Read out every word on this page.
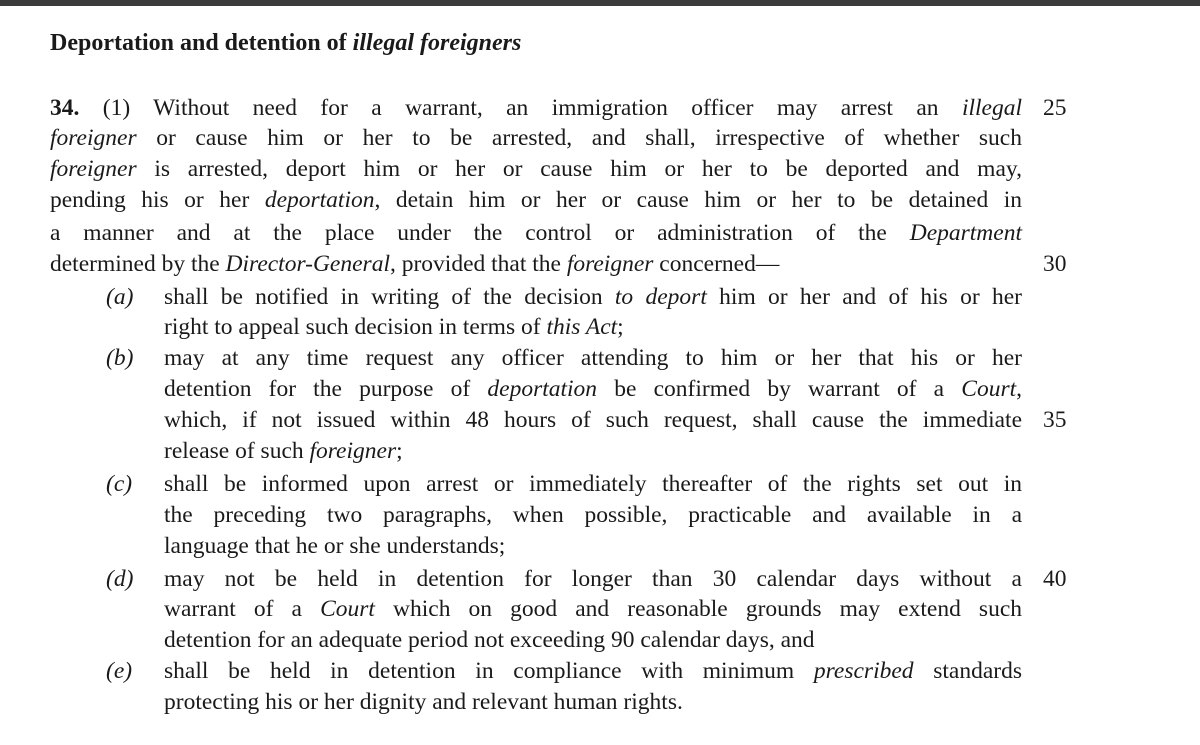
Deportation and detention of illegal foreigners
34. (1) Without need for a warrant, an immigration officer may arrest an illegal
foreigner or cause him or her to be arrested, and shall, irrespective of whether such
foreigner is arrested, deport him or her or cause him or her to be deported and may,
pending his or her deportation, detain him or her or cause him or her to be detained in
a manner and at the place under the control or administration of the Department
determined by the Director-General, provided that the foreigner concerned—
(a) shall be notified in writing of the decision to deport him or her and of his or her
right to appeal such decision in terms of this Act;
(b) may at any time request any officer attending to him or her that his or her
detention for the purpose of deportation be confirmed by warrant of a Court,
which, if not issued within 48 hours of such request, shall cause the immediate
release of such foreigner;
(c) shall be informed upon arrest or immediately thereafter of the rights set out in
the preceding two paragraphs, when possible, practicable and available in a
language that he or she understands;
(d) may not be held in detention for longer than 30 calendar days without a
warrant of a Court which on good and reasonable grounds may extend such
detention for an adequate period not exceeding 90 calendar days, and
(e) shall be held in detention in compliance with minimum prescribed standards
protecting his or her dignity and relevant human rights.
25
30
35
40
